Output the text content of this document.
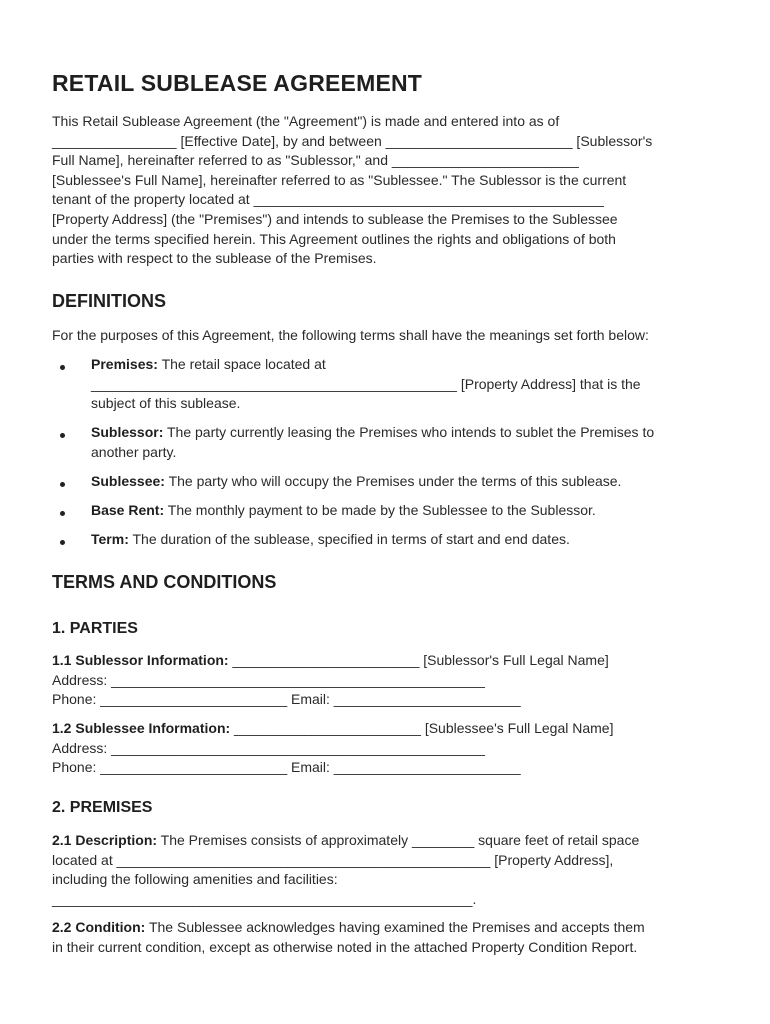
RETAIL SUBLEASE AGREEMENT

This Retail Sublease Agreement (the "Agreement") is made and entered into as of
________________ [Effective Date], by and between ________________________ [Sublessor's
Full Name], hereinafter referred to as "Sublessor," and ________________________
[Sublessee's Full Name], hereinafter referred to as "Sublessee." The Sublessor is the current
tenant of the property located at _____________________________________________
[Property Address] (the "Premises") and intends to sublease the Premises to the Sublessee
under the terms specified herein. This Agreement outlines the rights and obligations of both
parties with respect to the sublease of the Premises.

DEFINITIONS

For the purposes of this Agreement, the following terms shall have the meanings set forth below:

Premises: The retail space located at
_______________________________________________ [Property Address] that is the
subject of this sublease.

Sublessor: The party currently leasing the Premises who intends to sublet the Premises to
another party.

Sublessee: The party who will occupy the Premises under the terms of this sublease.

Base Rent: The monthly payment to be made by the Sublessee to the Sublessor.

Term: The duration of the sublease, specified in terms of start and end dates.

TERMS AND CONDITIONS
1. PARTIES

1.1 Sublessor Information: ________________________ [Sublessor's Full Legal Name]
Address: ________________________________________________
Phone: ________________________ Email: ________________________

1.2 Sublessee Information: ________________________ [Sublessee's Full Legal Name]
Address: ________________________________________________
Phone: ________________________ Email: ________________________

2. PREMISES

2.1 Description: The Premises consists of approximately ________ square feet of retail space
located at ________________________________________________ [Property Address],
including the following amenities and facilities:
______________________________________________________.

2.2 Condition: The Sublessee acknowledges having examined the Premises and accepts them
in their current condition, except as otherwise noted in the attached Property Condition Report.
